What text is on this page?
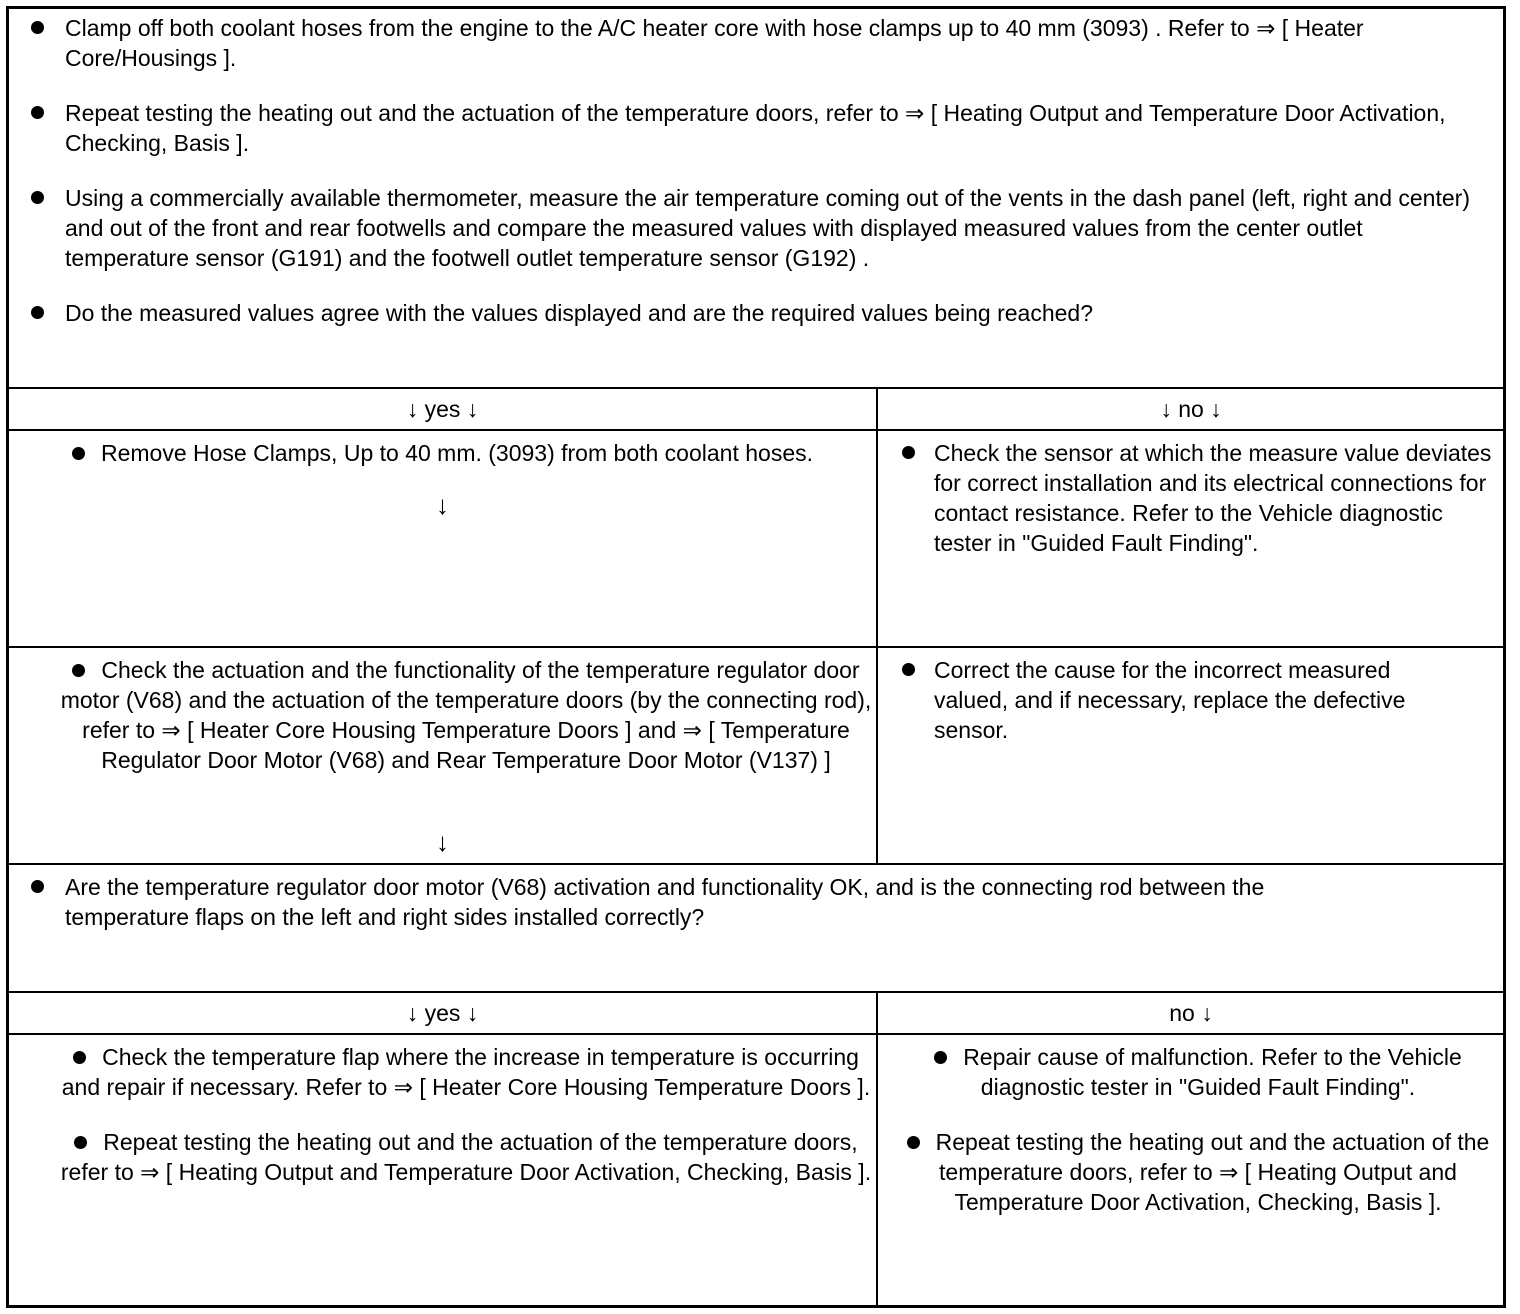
Clamp off both coolant hoses from the engine to the A/C heater core with hose clamps up to 40 mm (3093) . Refer to ⇒ [ Heater Core/Housings ].
Repeat testing the heating out and the actuation of the temperature doors, refer to ⇒ [ Heating Output and Temperature Door Activation, Checking, Basis ].
Using a commercially available thermometer, measure the air temperature coming out of the vents in the dash panel (left, right and center) and out of the front and rear footwells and compare the measured values with displayed measured values from the center outlet temperature sensor (G191) and the footwell outlet temperature sensor (G192) .
Do the measured values agree with the values displayed and are the required values being reached?
↓ yes ↓	↓ no ↓
Remove Hose Clamps, Up to 40 mm. (3093) from both coolant hoses.
↓
Check the sensor at which the measure value deviates for correct installation and its electrical connections for contact resistance. Refer to the Vehicle diagnostic tester in "Guided Fault Finding".
Check the actuation and the functionality of the temperature regulator door motor (V68) and the actuation of the temperature doors (by the connecting rod), refer to ⇒ [ Heater Core Housing Temperature Doors ] and ⇒ [ Temperature Regulator Door Motor (V68) and Rear Temperature Door Motor (V137) ]
↓
Correct the cause for the incorrect measured valued, and if necessary, replace the defective sensor.
Are the temperature regulator door motor (V68) activation and functionality OK, and is the connecting rod between the temperature flaps on the left and right sides installed correctly?
↓ yes ↓	no ↓
Check the temperature flap where the increase in temperature is occurring and repair if necessary. Refer to ⇒ [ Heater Core Housing Temperature Doors ].
Repeat testing the heating out and the actuation of the temperature doors, refer to ⇒ [ Heating Output and Temperature Door Activation, Checking, Basis ].
Repair cause of malfunction. Refer to the Vehicle diagnostic tester in "Guided Fault Finding".
Repeat testing the heating out and the actuation of the temperature doors, refer to ⇒ [ Heating Output and Temperature Door Activation, Checking, Basis ].
